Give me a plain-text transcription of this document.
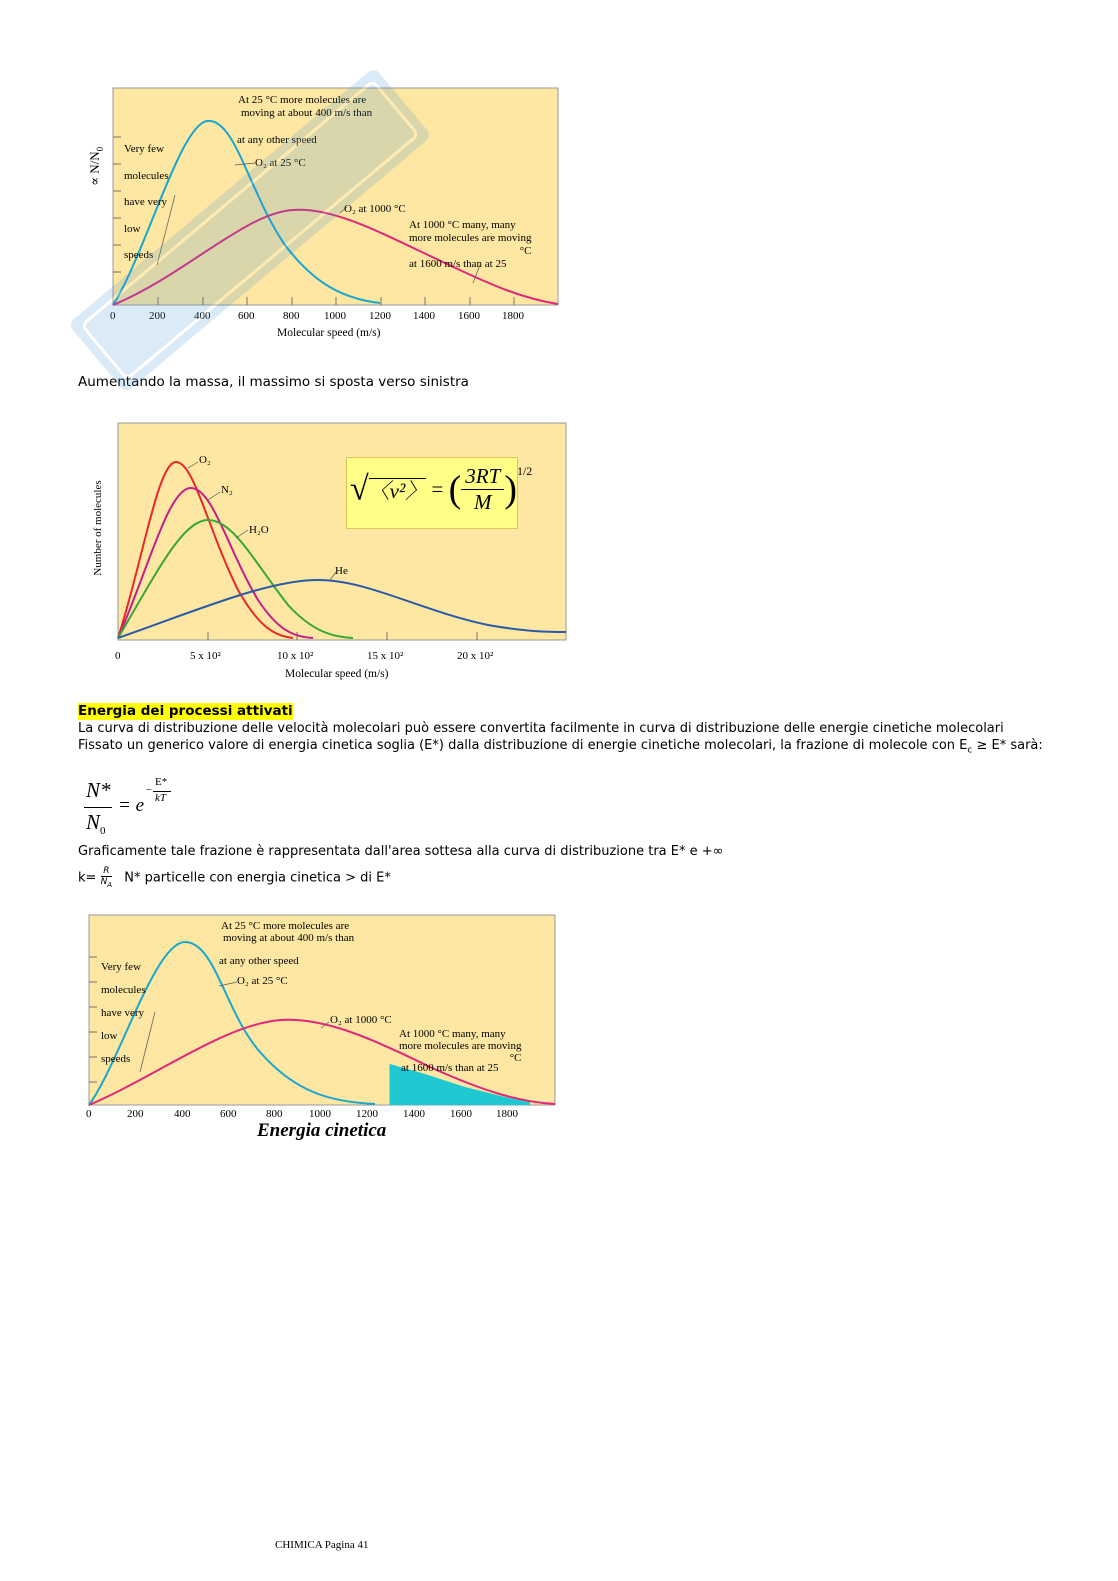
∝ $N/N_0$
At 25 °C more molecules are
moving at about 400 m/s than
at any other speed
O₂ at 25 °C
O₂ at 1000 °C
Very few
molecules
have very
low
speeds
At 1000 °C many, many
more molecules are moving
°C
at 1600 m/s than at 25
0	200	400	600	800 1000 1200 1400 1600 1800
Molecular speed (m/s)
Aumentando la massa, il massimo si sposta verso sinistra
√〈v²〉 = ( $\frac{3RT}{M} )^{1/2}$
O₂
N₂
H₂O
He
Number of molecules
0	5 x 10²	10 x 10²	15 x 10²	20 x 10²
Molecular speed (m/s)
Energia dei processi attivati
La curva di distribuzione delle velocità molecolari può essere convertita facilmente in curva di distribuzione delle energie cinetiche molecolari
Fissato un generico valore di energia cinetica soglia (E*) dalla distribuzione di energie cinetiche molecolari, la frazione di molecole con $E_c \ge E*$ sarà:
N*
$N_0$
= e
−
E*
kT
Graficamente tale frazione è rappresentata dall'area sottesa alla curva di distribuzione tra E* e +∞
$k= \frac{R}{N_A} N*$ particelle con energia cinetica > di E*
At 25 °C more molecules are
moving at about 400 m/s than
at any other speed
O₂ at 25 °C
O₂ at 1000 °C
Very few
molecules
have very
low
speeds
At 1000 °C many, many
more molecules are moving
°C
at 1600 m/s than at 25
0	200	400	600	800 1000 1200 1400 1600 1800
Energia cinetica
CHIMICA Pagina 41
